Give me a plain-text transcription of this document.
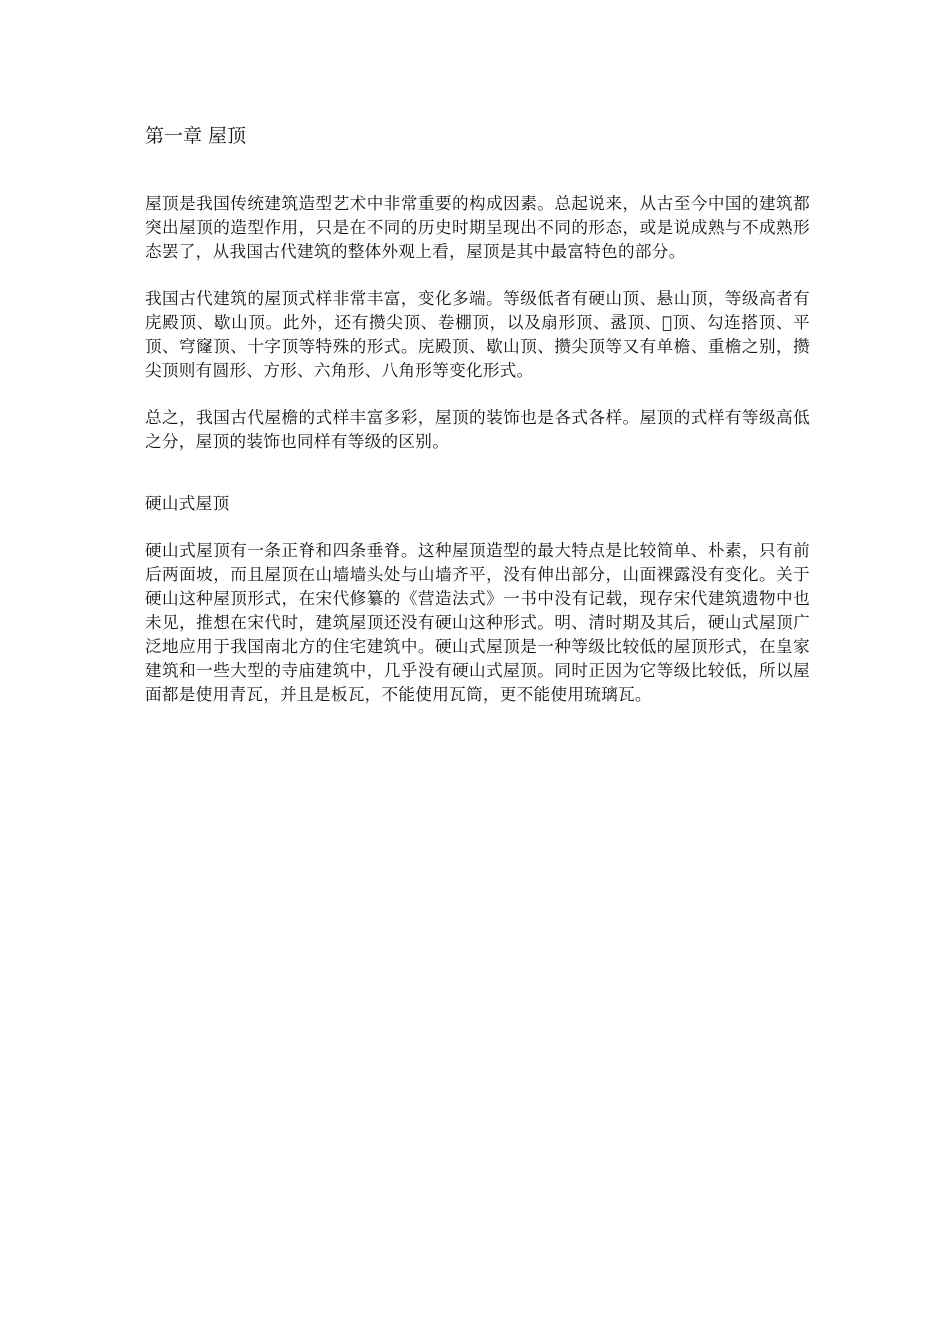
第一章 屋顶

屋顶是我国传统建筑造型艺术中非常重要的构成因素。总起说来，从古至今中国的建筑都突出屋顶的造型作用，只是在不同的历史时期呈现出不同的形态，或是说成熟与不成熟形态罢了，从我国古代建筑的整体外观上看，屋顶是其中最富特色的部分。

我国古代建筑的屋顶式样非常丰富，变化多端。等级低者有硬山顶、悬山顶，等级高者有庑殿顶、歇山顶。此外，还有攒尖顶、卷棚顶，以及扇形顶、盝顶、􀀀顶、勾连搭顶、平顶、穹窿顶、十字顶等特殊的形式。庑殿顶、歇山顶、攒尖顶等又有单檐、重檐之别，攒尖顶则有圆形、方形、六角形、八角形等变化形式。

总之，我国古代屋檐的式样丰富多彩，屋顶的装饰也是各式各样。屋顶的式样有等级高低之分，屋顶的装饰也同样有等级的区别。

硬山式屋顶

硬山式屋顶有一条正脊和四条垂脊。这种屋顶造型的最大特点是比较简单、朴素，只有前后两面坡，而且屋顶在山墙墙头处与山墙齐平，没有伸出部分，山面裸露没有变化。关于硬山这种屋顶形式，在宋代修纂的《营造法式》一书中没有记载，现存宋代建筑遗物中也未见，推想在宋代时，建筑屋顶还没有硬山这种形式。明、清时期及其后，硬山式屋顶广泛地应用于我国南北方的住宅建筑中。硬山式屋顶是一种等级比较低的屋顶形式，在皇家建筑和一些大型的寺庙建筑中，几乎没有硬山式屋顶。同时正因为它等级比较低，所以屋面都是使用青瓦，并且是板瓦，不能使用瓦筒，更不能使用琉璃瓦。
